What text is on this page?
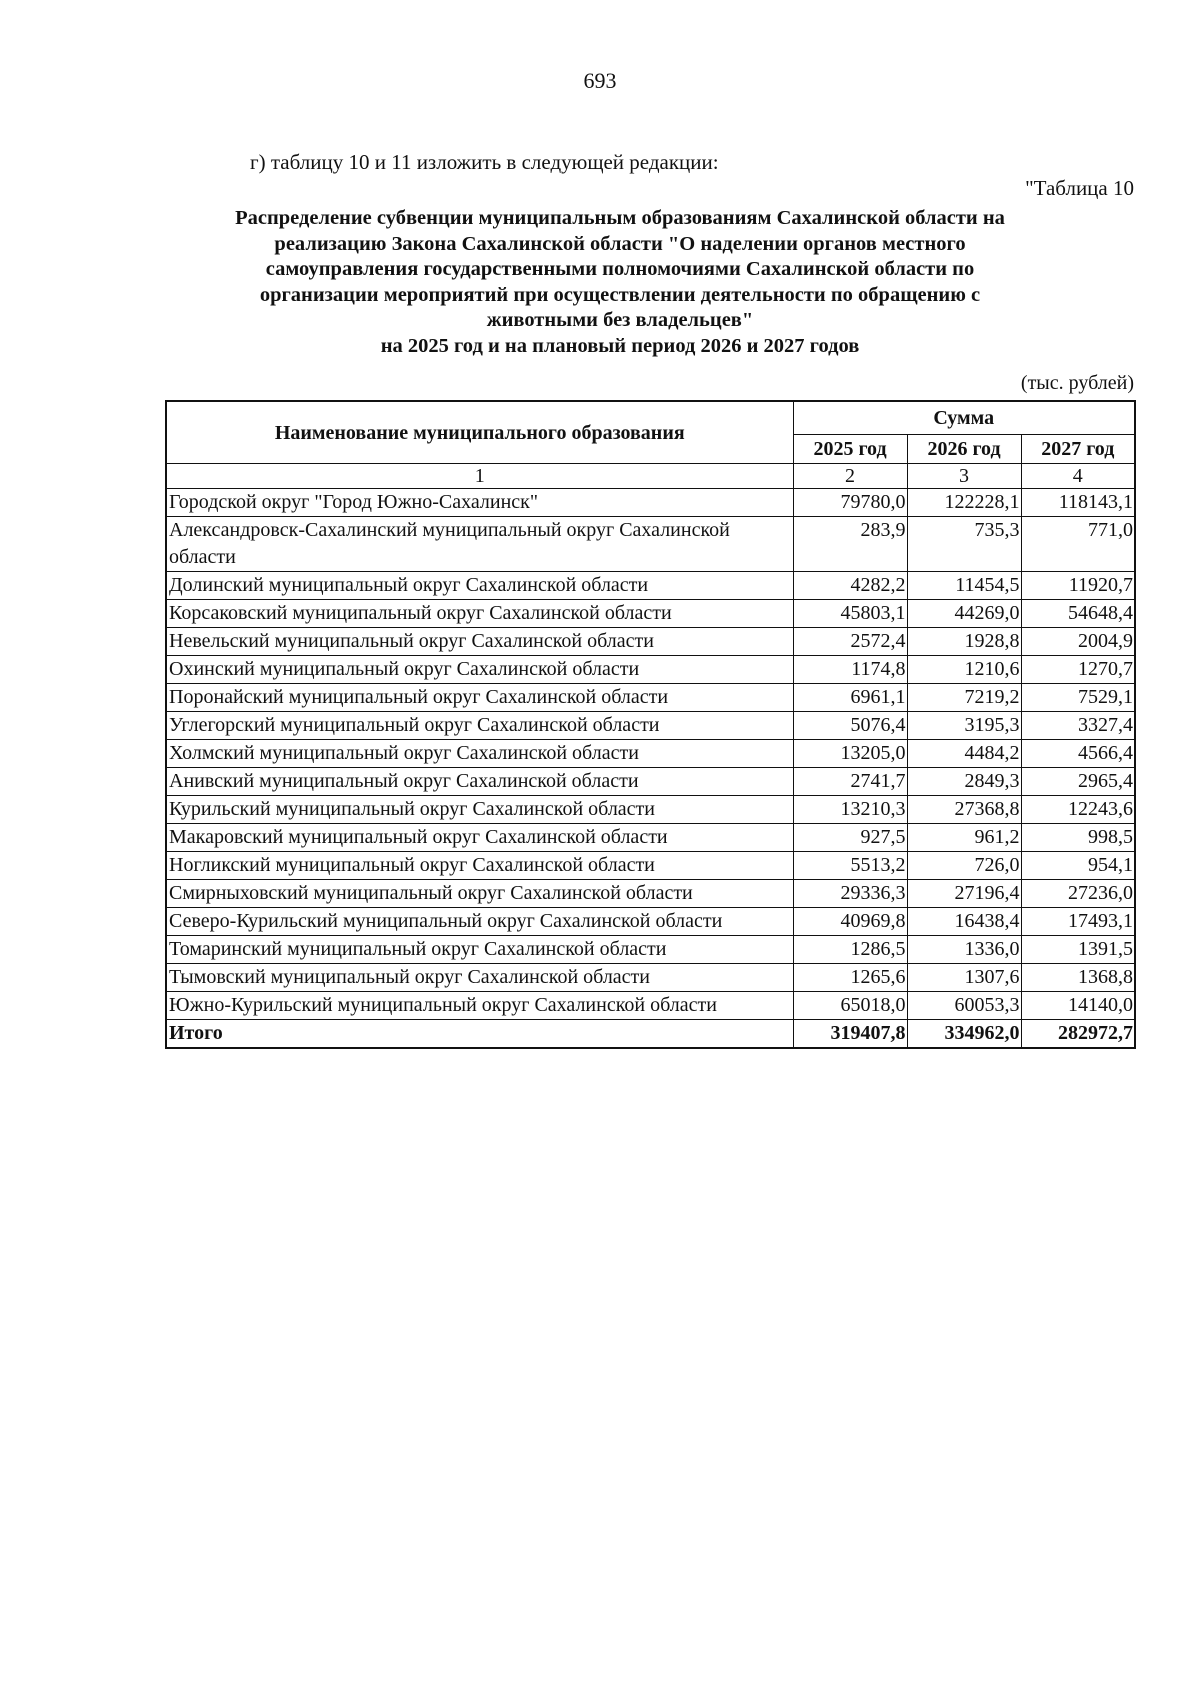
693
г) таблицу 10 и 11 изложить в следующей редакции:
"Таблица 10
Распределение субвенции муниципальным образованиям Сахалинской области на
реализацию Закона Сахалинской области "О наделении органов местного
самоуправления государственными полномочиями Сахалинской области по
организации мероприятий при осуществлении деятельности по обращению с
животными без владельцев"
на 2025 год и на плановый период 2026 и 2027 годов
(тыс. рублей)
Наименование муниципального образования	Сумма		
	2025 год	2026 год	2027 год
1	2	3	4
Городской округ "Город Южно-Сахалинск"	79780,0	122228,1	118143,1
Александровск-Сахалинский муниципальный округ Сахалинской области	283,9	735,3	771,0
Долинский муниципальный округ Сахалинской области	4282,2	11454,5	11920,7
Корсаковский муниципальный округ Сахалинской области	45803,1	44269,0	54648,4
Невельский муниципальный округ Сахалинской области	2572,4	1928,8	2004,9
Охинский муниципальный округ Сахалинской области	1174,8	1210,6	1270,7
Поронайский муниципальный округ Сахалинской области	6961,1	7219,2	7529,1
Углегорский муниципальный округ Сахалинской области	5076,4	3195,3	3327,4
Холмский муниципальный округ Сахалинской области	13205,0	4484,2	4566,4
Анивский муниципальный округ Сахалинской области	2741,7	2849,3	2965,4
Курильский муниципальный округ Сахалинской области	13210,3	27368,8	12243,6
Макаровский муниципальный округ Сахалинской области	927,5	961,2	998,5
Ногликский муниципальный округ Сахалинской области	5513,2	726,0	954,1
Смирныховский муниципальный округ Сахалинской области	29336,3	27196,4	27236,0
Северо-Курильский муниципальный округ Сахалинской области	40969,8	16438,4	17493,1
Томаринский муниципальный округ Сахалинской области	1286,5	1336,0	1391,5
Тымовский муниципальный округ Сахалинской области	1265,6	1307,6	1368,8
Южно-Курильский муниципальный округ Сахалинской области	65018,0	60053,3	14140,0
Итого	319407,8	334962,0	282972,7
